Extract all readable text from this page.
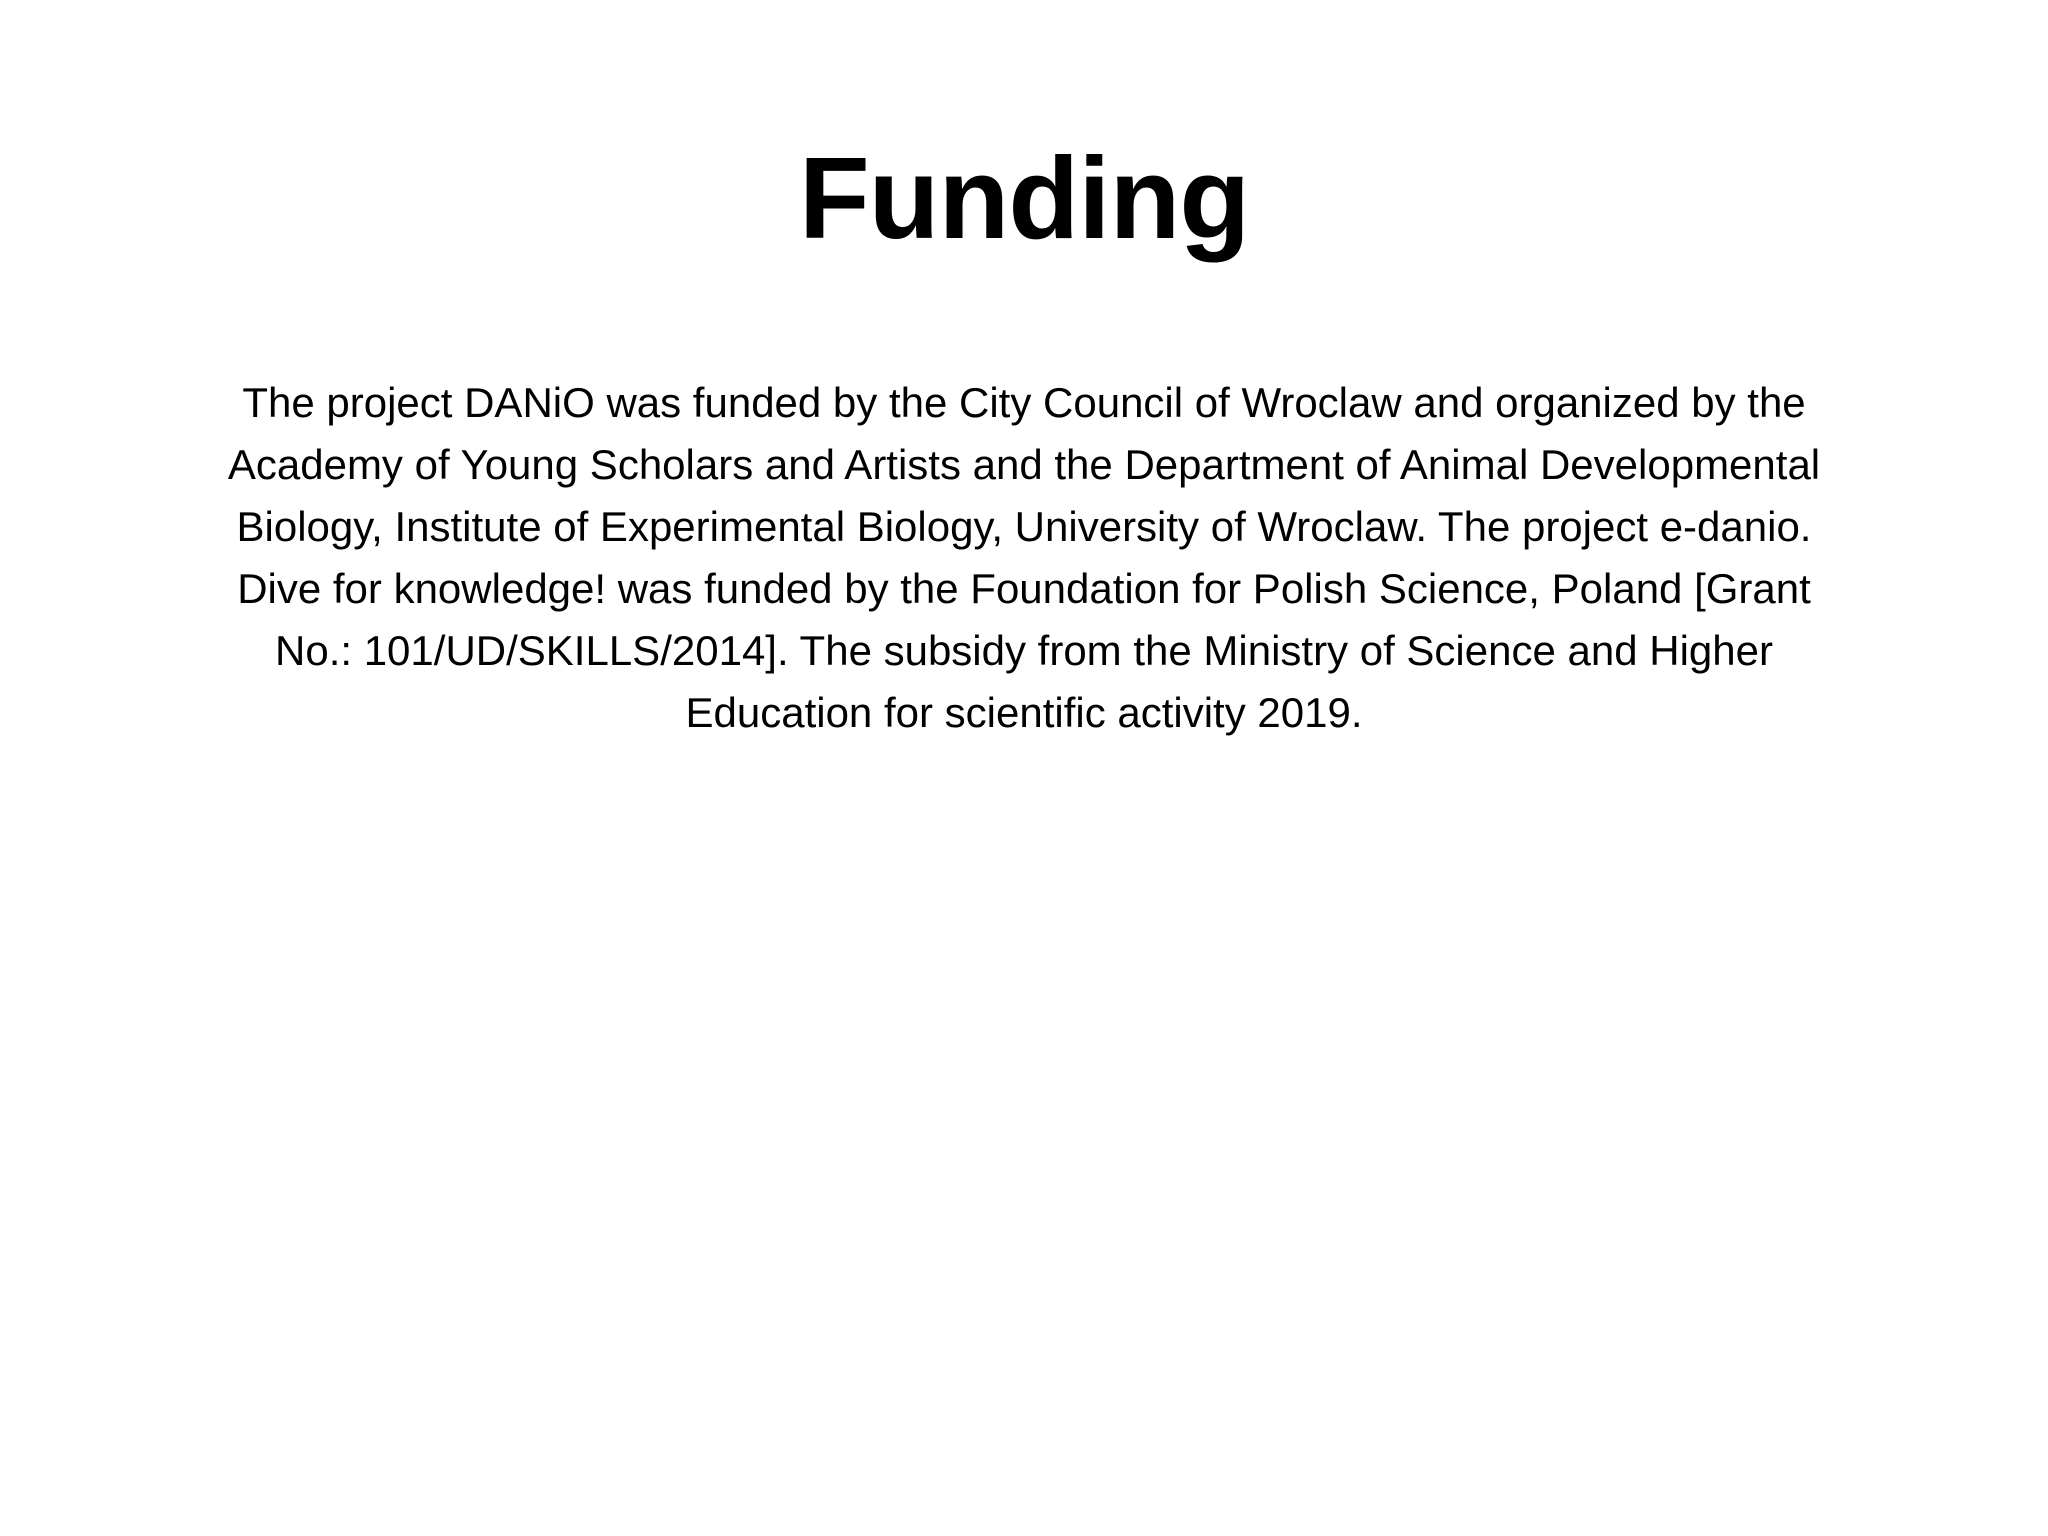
Funding

The project DANiO was funded by the City Council of Wroclaw and organized by the
Academy of Young Scholars and Artists and the Department of Animal Developmental
Biology, Institute of Experimental Biology, University of Wroclaw. The project e-danio.
Dive for knowledge! was funded by the Foundation for Polish Science, Poland [Grant
No.: 101/UD/SKILLS/2014]. The subsidy from the Ministry of Science and Higher
Education for scientific activity 2019.
